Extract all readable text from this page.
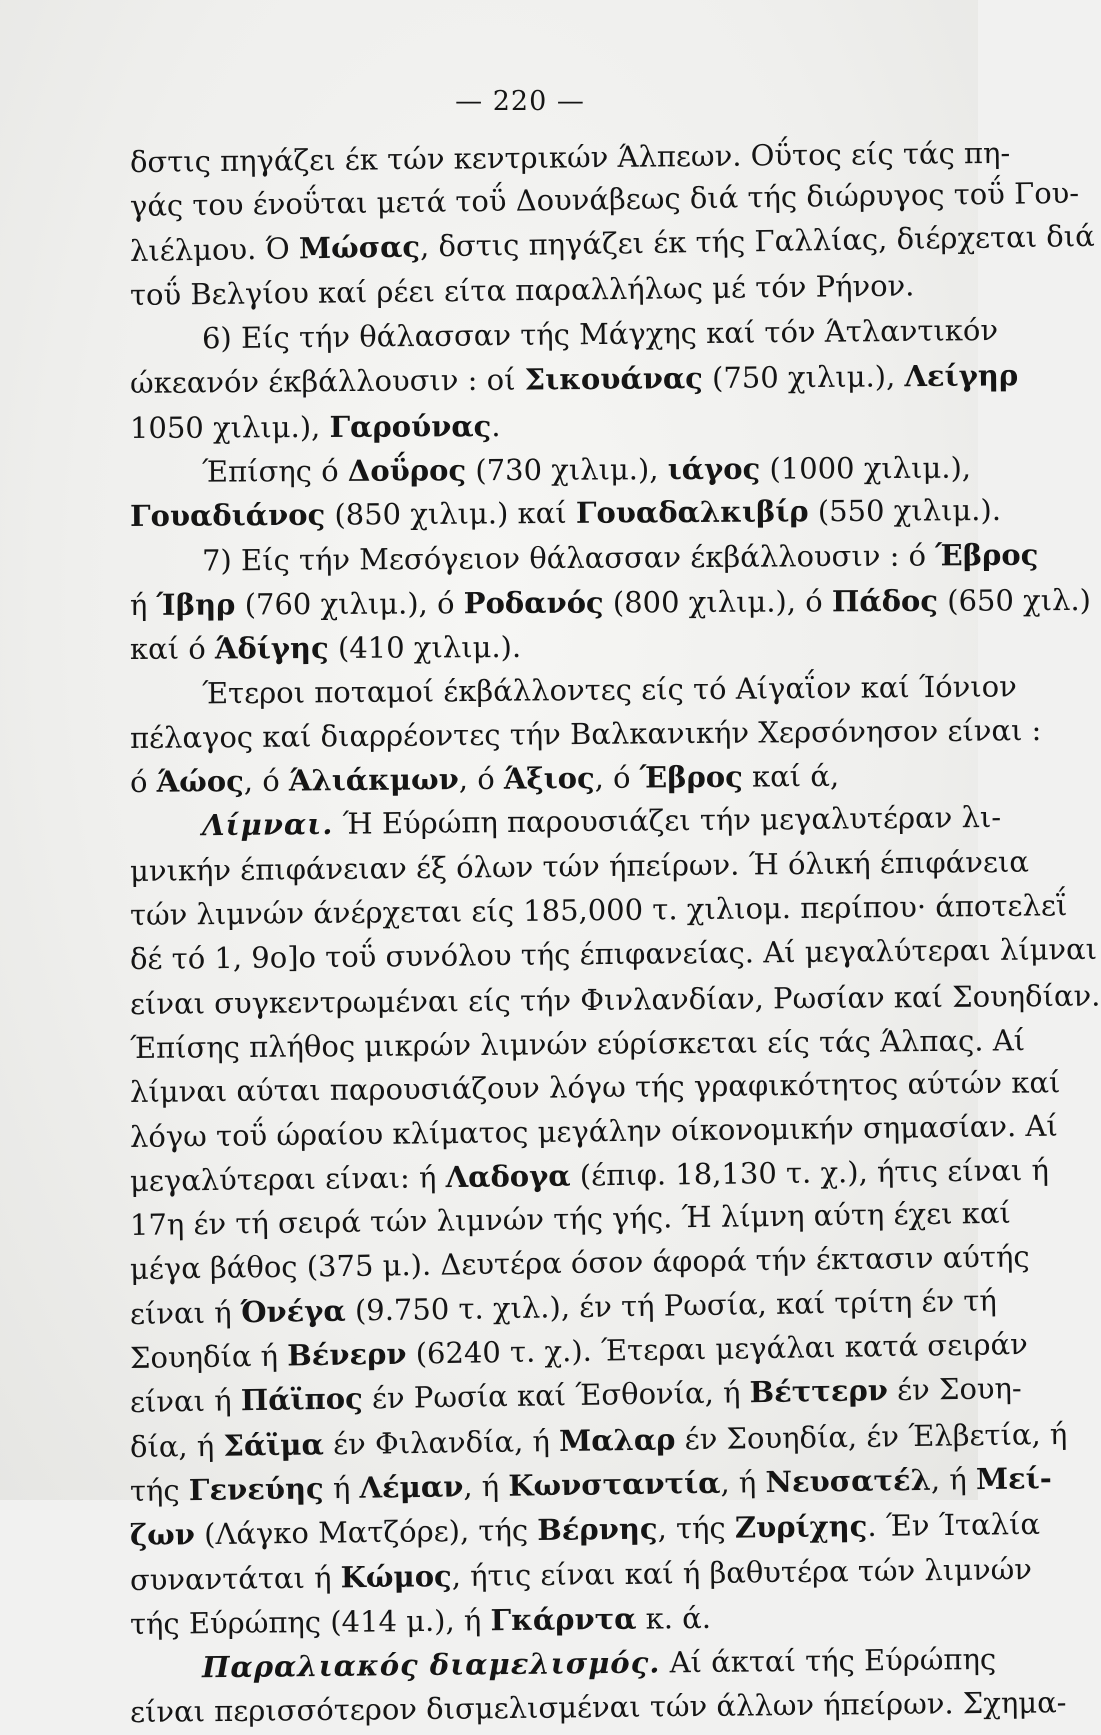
— 220 —
δστις πηγάζει έκ τών κεντρικών Άλπεων. Οΰτος είς τάς πη-
γάς του ένοΰται μετά τοΰ Δουνάβεως διά τής διώρυγος τοΰ Γου-
λιέλμου. Ό Μώσας, δστις πηγάζει έκ τής Γαλλίας, διέρχεται διά
τοΰ Βελγίου καί ρέει είτα παραλλήλως μέ τόν Ρήνον.
6) Είς τήν θάλασσαν τής Μάγχης καί τόν Άτλαντικόν
ώκεανόν έκβάλλουσιν : οί Σικουάνας (750 χιλιμ.), Λείγηρ
1050 χιλιμ.), Γαρούνας.
Έπίσης ό Δοΰρος (730 χιλιμ.), ιάγος (1000 χιλιμ.),
Γουαδιάνος (850 χιλιμ.) καί Γουαδαλκιβίρ (550 χιλιμ.).
7) Είς τήν Μεσόγειον θάλασσαν έκβάλλουσιν : ό Έβρος
ή Ίβηρ (760 χιλιμ.), ό Ροδανός (800 χιλιμ.), ό Πάδος (650 χιλ.)
καί ό Άδίγης (410 χιλιμ.).
Έτεροι ποταμοί έκβάλλοντες είς τό Αίγαΐον καί Ίόνιον
πέλαγος καί διαρρέοντες τήν Βαλκανικήν Χερσόνησον είναι :
ό Άώος, ό Άλιάκμων, ό Άξιος, ό Έβρος καί ά,
Λίμναι. Ή Εύρώπη παρουσιάζει τήν μεγαλυτέραν λι-
μνικήν έπιφάνειαν έξ όλων τών ήπείρων. Ή όλική έπιφάνεια
τών λιμνών άνέρχεται είς 185,000 τ. χιλιομ. περίπου· άποτελεΐ
δέ τό 1, 9ο]ο τοΰ συνόλου τής έπιφανείας. Αί μεγαλύτεραι λίμναι
είναι συγκεντρωμέναι είς τήν Φινλανδίαν, Ρωσίαν καί Σουηδίαν.
Έπίσης πλήθος μικρών λιμνών εύρίσκεται είς τάς Άλπας. Αί
λίμναι αύται παρουσιάζουν λόγω τής γραφικότητος αύτών καί
λόγω τοΰ ώραίου κλίματος μεγάλην οίκονομικήν σημασίαν. Αί
μεγαλύτεραι είναι: ή Λαδογα (έπιφ. 18,130 τ. χ.), ήτις είναι ή
17η έν τή σειρά τών λιμνών τής γής. Ή λίμνη αύτη έχει καί
μέγα βάθος (375 μ.). Δευτέρα όσον άφορά τήν έκτασιν αύτής
είναι ή Όνέγα (9.750 τ. χιλ.), έν τή Ρωσία, καί τρίτη έν τή
Σουηδία ή Βένερν (6240 τ. χ.). Έτεραι μεγάλαι κατά σειράν
είναι ή Πάϊπος έν Ρωσία καί Έσθονία, ή Βέττερν έν Σουη-
δία, ή Σάϊμα έν Φιλανδία, ή Μαλαρ έν Σουηδία, έν Έλβετία, ή
τής Γενεύης ή Λέμαν, ή Κωνσταντία, ή Νευσατέλ, ή Μεί-
ζων (Λάγκο Ματζόρε), τής Βέρνης, τής Ζυρίχης. Έν Ίταλία
συναντάται ή Κώμος, ήτις είναι καί ή βαθυτέρα τών λιμνών
τής Εύρώπης (414 μ.), ή Γκάρντα κ. ά.
Παραλιακός διαμελισμός. Αί άκταί τής Εύρώπης
είναι περισσότερον δισμελισμέναι τών άλλων ήπείρων. Σχημα-
